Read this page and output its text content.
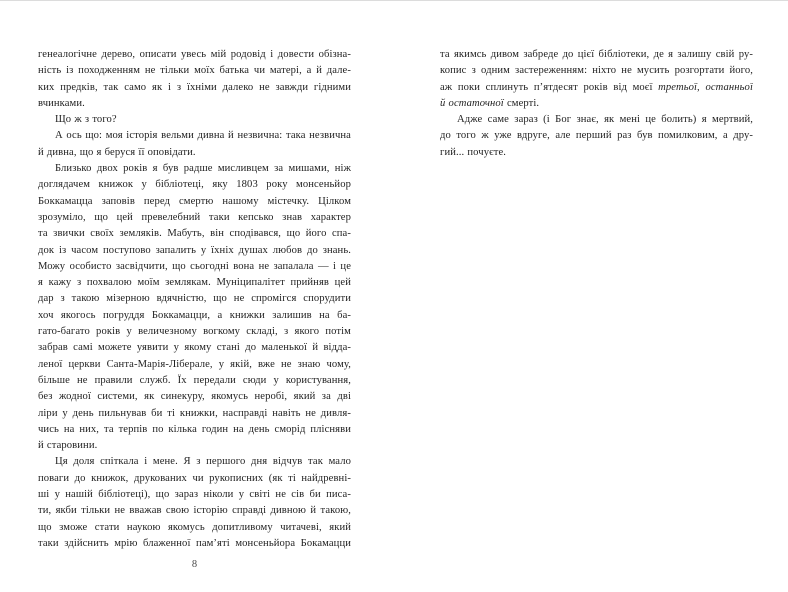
генеалогічне дерево, описати увесь мій родовід і довести обізна-
ність із походженням не тільки моїх батька чи матері, а й дале-
ких предків, так само як і з їхніми далеко не завжди гідними
вчинками.
Що ж з того?
А ось що: моя історія вельми дивна й незвична: така незвична
й дивна, що я беруся її оповідати.
Близько двох років я був радше мисливцем за мишами, ніж
доглядачем книжок у бібліотеці, яку 1803 року монсеньйор
Боккамацца заповів перед смертю нашому містечку. Цілком
зрозуміло, що цей превелебний таки кепсько знав характер
та звички своїх земляків. Мабуть, він сподівався, що його спа-
док із часом поступово запалить у їхніх душах любов до знань.
Можу особисто засвідчити, що сьогодні вона не запалала — і це
я кажу з похвалою моїм землякам. Муніципалітет прийняв цей
дар з такою мізерною вдячністю, що не спромігся спорудити
хоч якогось погруддя Боккамацци, а книжки залишив на ба-
гато-багато років у величезному вогкому складі, з якого потім
забрав самі можете уявити у якому стані до маленької й відда-
леної церкви Санта-Марія-Ліберале, у якій, вже не знаю чому,
більше не правили служб. Їх передали сюди у користування,
без жодної системи, як синекуру, якомусь неробі, який за дві
ліри у день пильнував би ті книжки, насправді навіть не дивля-
чись на них, та терпів по кілька годин на день сморід плісняви
й старовини.
Ця доля спіткала і мене. Я з першого дня відчув так мало
поваги до книжок, друкованих чи рукописних (як ті найдревні-
ші у нашій бібліотеці), що зараз ніколи у світі не сів би писа-
ти, якби тільки не вважав свою історію справді дивною й такою,
що зможе стати наукою якомусь допитливому читачеві, який
таки здійснить мрію блаженної пам’яті монсеньйора Бокамацци
та якимсь дивом забреде до цієї бібліотеки, де я залишу свій ру-
копис з одним застереженням: ніхто не мусить розгортати його,
аж поки сплинуть п’ятдесят років від моєї третьої, останньої
й остаточної смерті.
Адже саме зараз (і Бог знає, як мені це болить) я мертвий,
до того ж уже вдруге, але перший раз був помилковим, а дру-
гий... почуєте.
8
